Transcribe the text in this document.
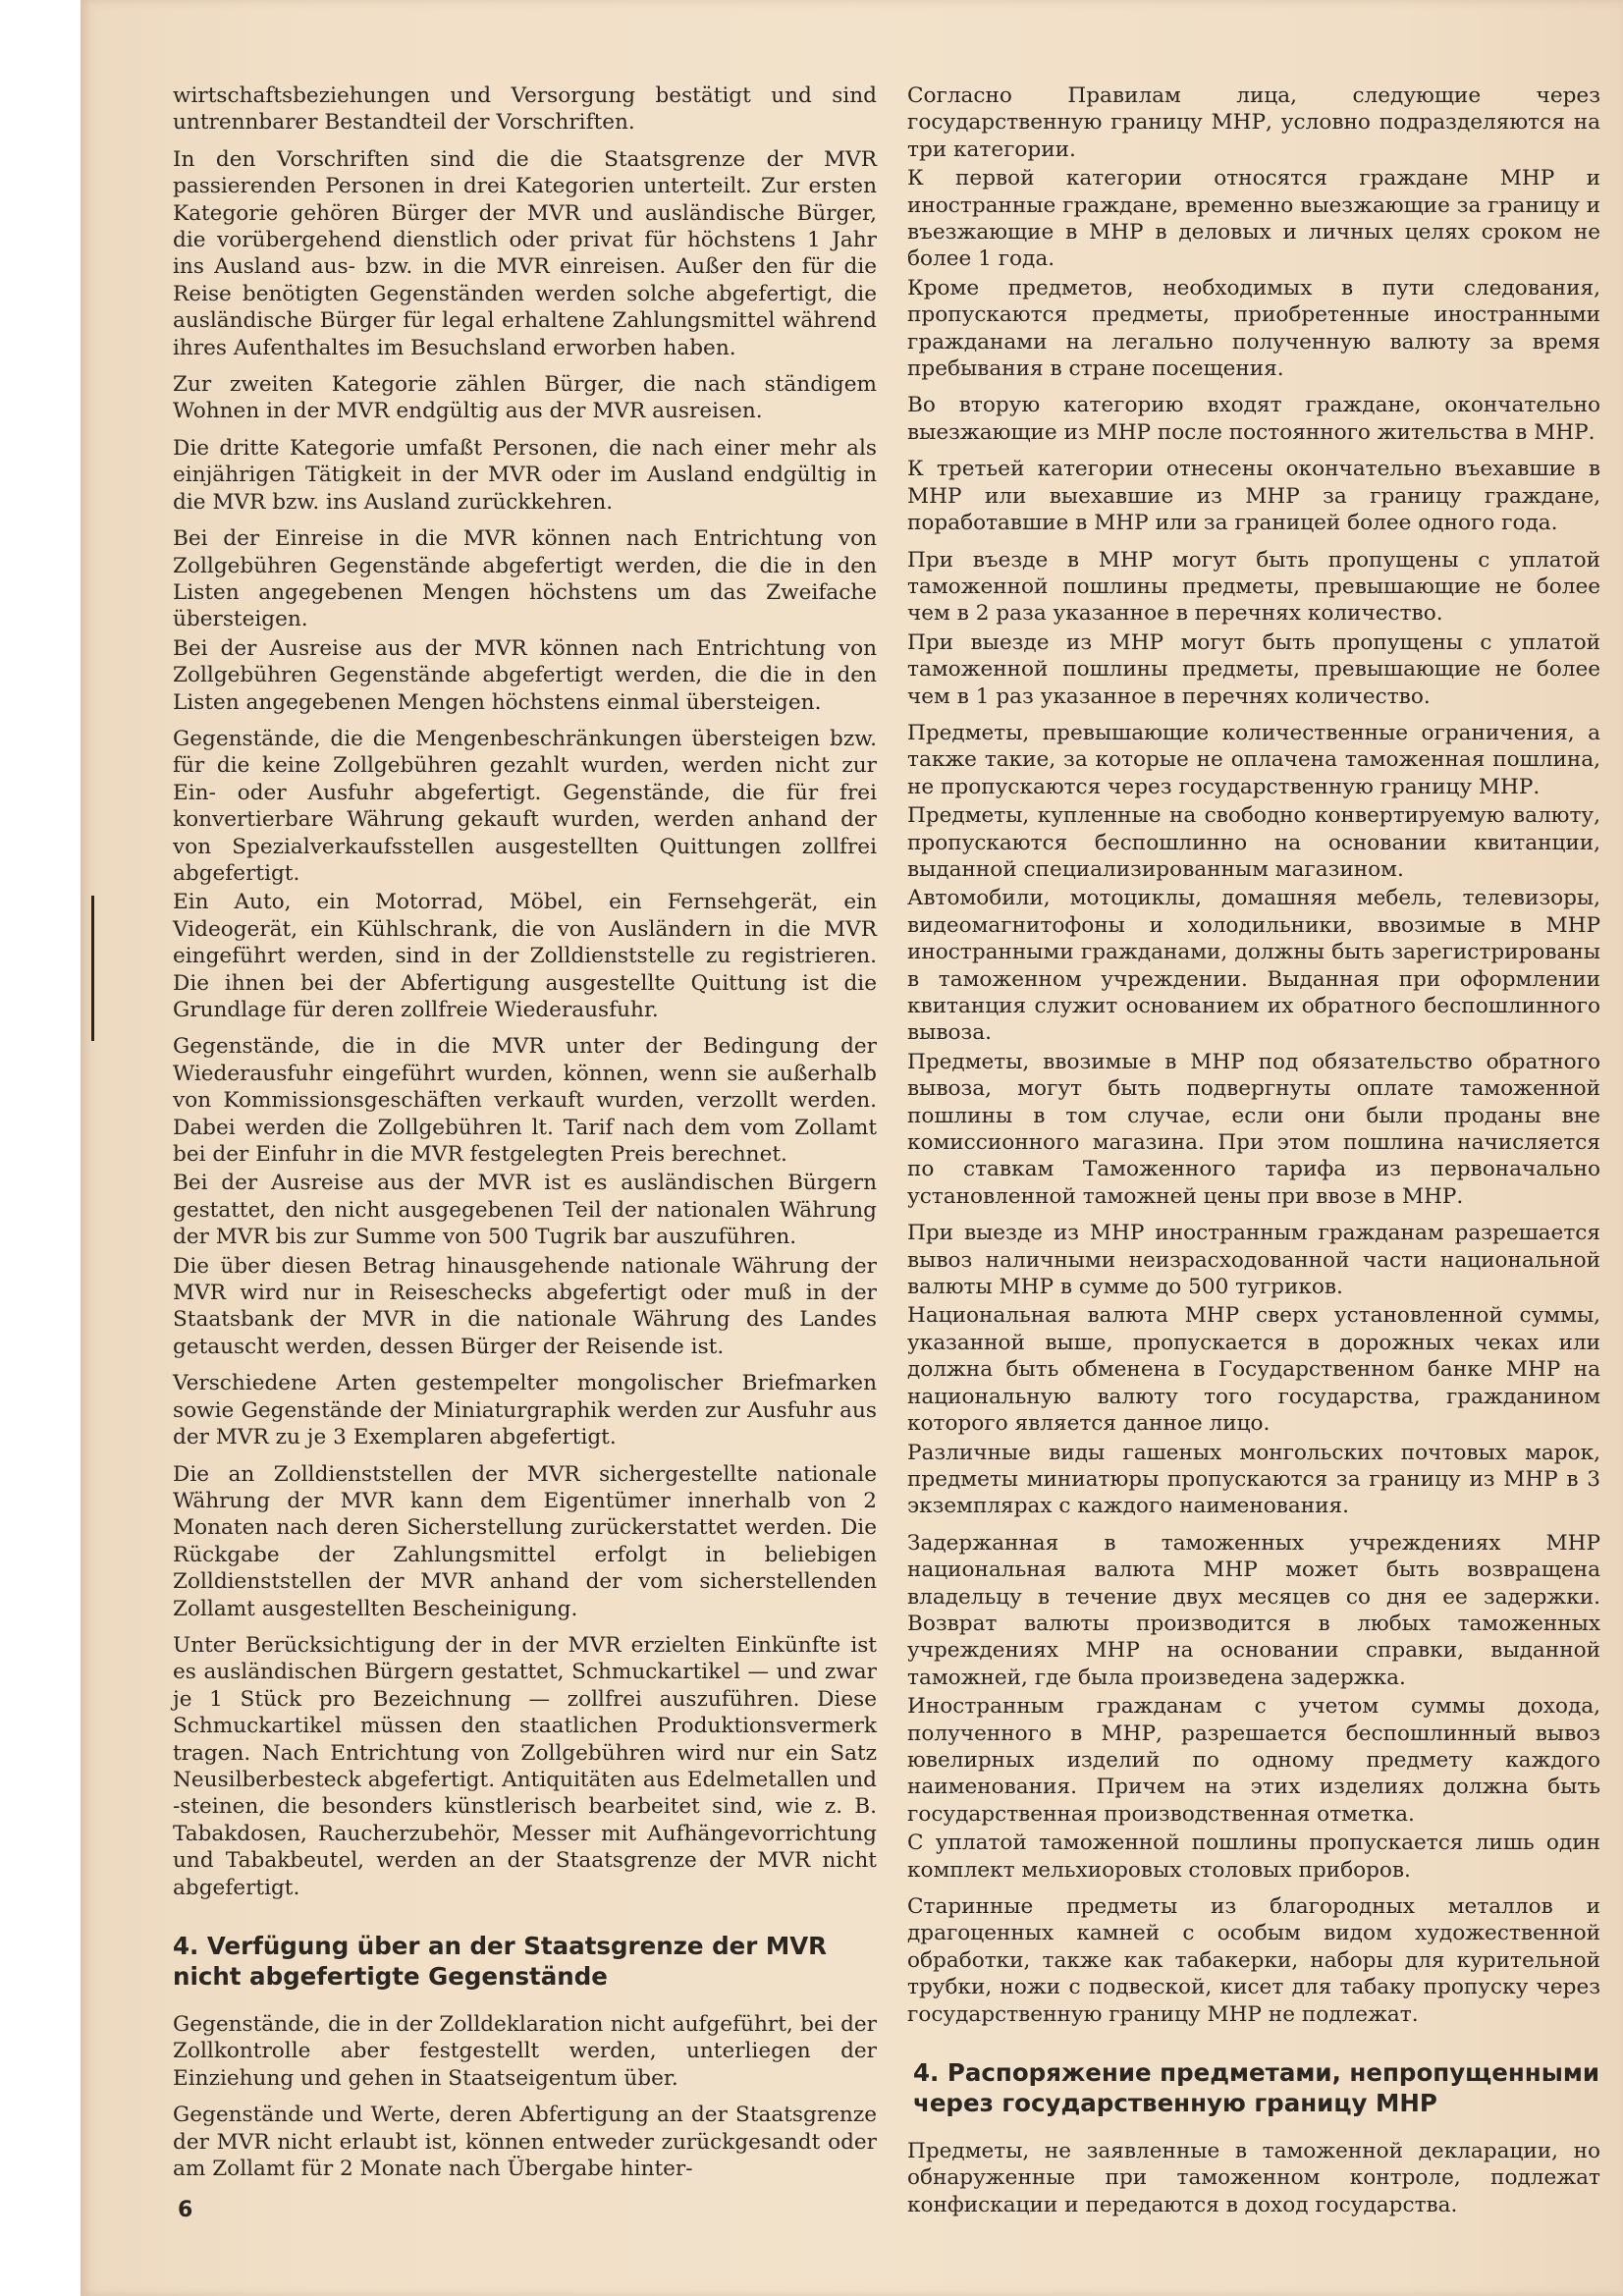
wirtschaftsbeziehungen und Versorgung bestätigt und sind untrennbarer Bestandteil der Vorschriften.

In den Vorschriften sind die die Staatsgrenze der MVR passierenden Personen in drei Kategorien unterteilt. Zur ersten Kategorie gehören Bürger der MVR und ausländische Bürger, die vorübergehend dienstlich oder privat für höchstens 1 Jahr ins Ausland aus- bzw. in die MVR einreisen. Außer den für die Reise benötigten Gegenständen werden solche abgefertigt, die ausländische Bürger für legal erhaltene Zahlungsmittel während ihres Aufenthaltes im Besuchsland erworben haben.

Zur zweiten Kategorie zählen Bürger, die nach ständigem Wohnen in der MVR endgültig aus der MVR ausreisen.

Die dritte Kategorie umfaßt Personen, die nach einer mehr als einjährigen Tätigkeit in der MVR oder im Ausland endgültig in die MVR bzw. ins Ausland zurückkehren.

Bei der Einreise in die MVR können nach Entrichtung von Zollgebühren Gegenstände abgefertigt werden, die die in den Listen angegebenen Mengen höchstens um das Zweifache übersteigen.

Bei der Ausreise aus der MVR können nach Entrichtung von Zollgebühren Gegenstände abgefertigt werden, die die in den Listen angegebenen Mengen höchstens einmal übersteigen.

Gegenstände, die die Mengenbeschränkungen übersteigen bzw. für die keine Zollgebühren gezahlt wurden, werden nicht zur Ein- oder Ausfuhr abgefertigt. Gegenstände, die für frei konvertierbare Währung gekauft wurden, werden anhand der von Spezialverkaufsstellen ausgestellten Quittungen zollfrei abgefertigt.

Ein Auto, ein Motorrad, Möbel, ein Fernsehgerät, ein Videogerät, ein Kühlschrank, die von Ausländern in die MVR eingeführt werden, sind in der Zolldienststelle zu registrieren. Die ihnen bei der Abfertigung ausgestellte Quittung ist die Grundlage für deren zollfreie Wiederausfuhr.

Gegenstände, die in die MVR unter der Bedingung der Wiederausfuhr eingeführt wurden, können, wenn sie außerhalb von Kommissionsgeschäften verkauft wurden, verzollt werden. Dabei werden die Zollgebühren lt. Tarif nach dem vom Zollamt bei der Einfuhr in die MVR festgelegten Preis berechnet.

Bei der Ausreise aus der MVR ist es ausländischen Bürgern gestattet, den nicht ausgegebenen Teil der nationalen Währung der MVR bis zur Summe von 500 Tugrik bar auszuführen.

Die über diesen Betrag hinausgehende nationale Währung der MVR wird nur in Reiseschecks abgefertigt oder muß in der Staatsbank der MVR in die nationale Währung des Landes getauscht werden, dessen Bürger der Reisende ist.

Verschiedene Arten gestempelter mongolischer Briefmarken sowie Gegenstände der Miniaturgraphik werden zur Ausfuhr aus der MVR zu je 3 Exemplaren abgefertigt.

Die an Zolldienststellen der MVR sichergestellte nationale Währung der MVR kann dem Eigentümer innerhalb von 2 Monaten nach deren Sicherstellung zurückerstattet werden. Die Rückgabe der Zahlungsmittel erfolgt in beliebigen Zolldienststellen der MVR anhand der vom sicherstellenden Zollamt ausgestellten Bescheinigung.

Unter Berücksichtigung der in der MVR erzielten Einkünfte ist es ausländischen Bürgern gestattet, Schmuckartikel — und zwar je 1 Stück pro Bezeichnung — zollfrei auszuführen. Diese Schmuckartikel müssen den staatlichen Produktionsvermerk tragen. Nach Entrichtung von Zollgebühren wird nur ein Satz Neusilberbesteck abgefertigt. Antiquitäten aus Edelmetallen und -steinen, die besonders künstlerisch bearbeitet sind, wie z. B. Tabakdosen, Raucherzubehör, Messer mit Aufhängevorrichtung und Tabakbeutel, werden an der Staatsgrenze der MVR nicht abgefertigt.

4. Verfügung über an der Staatsgrenze der MVR nicht abgefertigte Gegenstände

Gegenstände, die in der Zolldeklaration nicht aufgeführt, bei der Zollkontrolle aber festgestellt werden, unterliegen der Einziehung und gehen in Staatseigentum über.

Gegenstände und Werte, deren Abfertigung an der Staatsgrenze der MVR nicht erlaubt ist, können entweder zurückgesandt oder am Zollamt für 2 Monate nach Übergabe hinter-

Согласно Правилам лица, следующие через государственную границу МНР, условно подразделяются на три категории.

К первой категории относятся граждане МНР и иностранные граждане, временно выезжающие за границу и въезжающие в МНР в деловых и личных целях сроком не более 1 года.

Кроме предметов, необходимых в пути следования, пропускаются предметы, приобретенные иностранными гражданами на легально полученную валюту за время пребывания в стране посещения.

Во вторую категорию входят граждане, окончательно выезжающие из МНР после постоянного жительства в МНР.

К третьей категории отнесены окончательно въехавшие в МНР или выехавшие из МНР за границу граждане, поработавшие в МНР или за границей более одного года.

При въезде в МНР могут быть пропущены с уплатой таможенной пошлины предметы, превышающие не более чем в 2 раза указанное в перечнях количество.

При выезде из МНР могут быть пропущены с уплатой таможенной пошлины предметы, превышающие не более чем в 1 раз указанное в перечнях количество.

Предметы, превышающие количественные ограничения, а также такие, за которые не оплачена таможенная пошлина, не пропускаются через государственную границу МНР.

Предметы, купленные на свободно конвертируемую валюту, пропускаются беспошлинно на основании квитанции, выданной специализированным магазином.

Автомобили, мотоциклы, домашняя мебель, телевизоры, видеомагнитофоны и холодильники, ввозимые в МНР иностранными гражданами, должны быть зарегистрированы в таможенном учреждении. Выданная при оформлении квитанция служит основанием их обратного беспошлинного вывоза.

Предметы, ввозимые в МНР под обязательство обратного вывоза, могут быть подвергнуты оплате таможенной пошлины в том случае, если они были проданы вне комиссионного магазина. При этом пошлина начисляется по ставкам Таможенного тарифа из первоначально установленной таможней цены при ввозе в МНР.

При выезде из МНР иностранным гражданам разрешается вывоз наличными неизрасходованной части национальной валюты МНР в сумме до 500 тугриков.

Национальная валюта МНР сверх установленной суммы, указанной выше, пропускается в дорожных чеках или должна быть обменена в Государственном банке МНР на национальную валюту того государства, гражданином которого является данное лицо.

Различные виды гашеных монгольских почтовых марок, предметы миниатюры пропускаются за границу из МНР в 3 экземплярах с каждого наименования.

Задержанная в таможенных учреждениях МНР национальная валюта МНР может быть возвращена владельцу в течение двух месяцев со дня ее задержки. Возврат валюты производится в любых таможенных учреждениях МНР на основании справки, выданной таможней, где была произведена задержка.

Иностранным гражданам с учетом суммы дохода, полученного в МНР, разрешается беспошлинный вывоз ювелирных изделий по одному предмету каждого наименования. Причем на этих изделиях должна быть государственная производственная отметка.

С уплатой таможенной пошлины пропускается лишь один комплект мельхиоровых столовых приборов.

Старинные предметы из благородных металлов и драгоценных камней с особым видом художественной обработки, также как табакерки, наборы для курительной трубки, ножи с подвеской, кисет для табаку пропуску через государственную границу МНР не подлежат.

4. Распоряжение предметами, непропущенными через государственную границу МНР

Предметы, не заявленные в таможенной декларации, но обнаруженные при таможенном контроле, подлежат конфискации и передаются в доход государства.

6
